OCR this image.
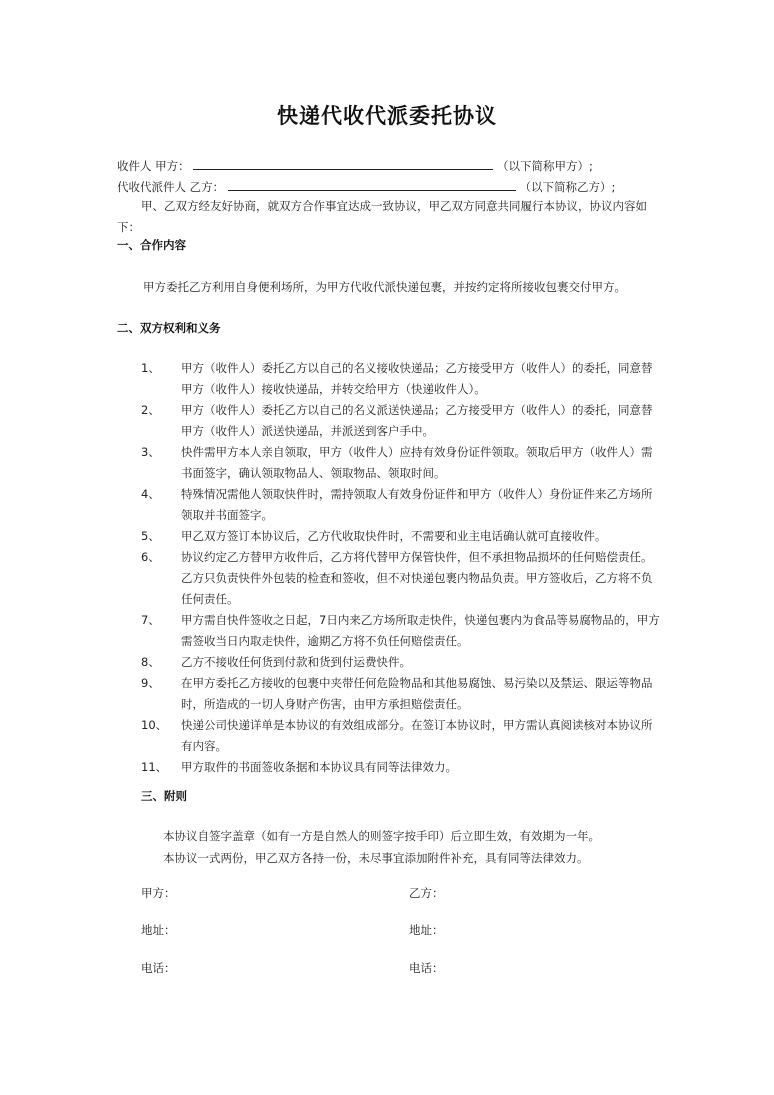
快递代收代派委托协议
收件人 甲方：	（以下简称甲方）;
代收代派件人 乙方：	（以下简称乙方）;
甲、乙双方经友好协商，就双方合作事宜达成一致协议，甲乙双方同意共同履行本协议，协议内容如下：
一、合作内容
甲方委托乙方利用自身便利场所，为甲方代收代派快递包裹，并按约定将所接收包裹交付甲方。
二、双方权利和义务
1、	甲方（收件人）委托乙方以自己的名义接收快递品；乙方接受甲方（收件人）的委托，同意替甲方（收件人）接收快递品，并转交给甲方（快递收件人）。
2、	甲方（收件人）委托乙方以自己的名义派送快递品；乙方接受甲方（收件人）的委托，同意替甲方（收件人）派送快递品，并派送到客户手中。
3、	快件需甲方本人亲自领取，甲方（收件人）应持有效身份证件领取。领取后甲方（收件人）需书面签字，确认领取物品人、领取物品、领取时间。
4、	特殊情况需他人领取快件时，需持领取人有效身份证件和甲方（收件人）身份证件来乙方场所领取并书面签字。
5、	甲乙双方签订本协议后，乙方代收取快件时，不需要和业主电话确认就可直接收件。
6、	协议约定乙方替甲方收件后，乙方将代替甲方保管快件，但不承担物品损坏的任何赔偿责任。乙方只负责快件外包装的检查和签收，但不对快递包裹内物品负责。甲方签收后，乙方将不负任何责任。
7、	甲方需自快件签收之日起，7日内来乙方场所取走快件，快递包裹内为食品等易腐物品的，甲方需签收当日内取走快件，逾期乙方将不负任何赔偿责任。
8、	乙方不接收任何货到付款和货到付运费快件。
9、	在甲方委托乙方接收的包裹中夹带任何危险物品和其他易腐蚀、易污染以及禁运、限运等物品时，所造成的一切人身财产伤害，由甲方承担赔偿责任。
10、	快递公司快递详单是本协议的有效组成部分。在签订本协议时，甲方需认真阅读核对本协议所有内容。
11、	甲方取件的书面签收条据和本协议具有同等法律效力。
三、附则
本协议自签字盖章（如有一方是自然人的则签字按手印）后立即生效，有效期为一年。
本协议一式两份，甲乙双方各持一份，未尽事宜添加附件补充，具有同等法律效力。
甲方：	乙方：
地址：	地址：
电话：	电话：
